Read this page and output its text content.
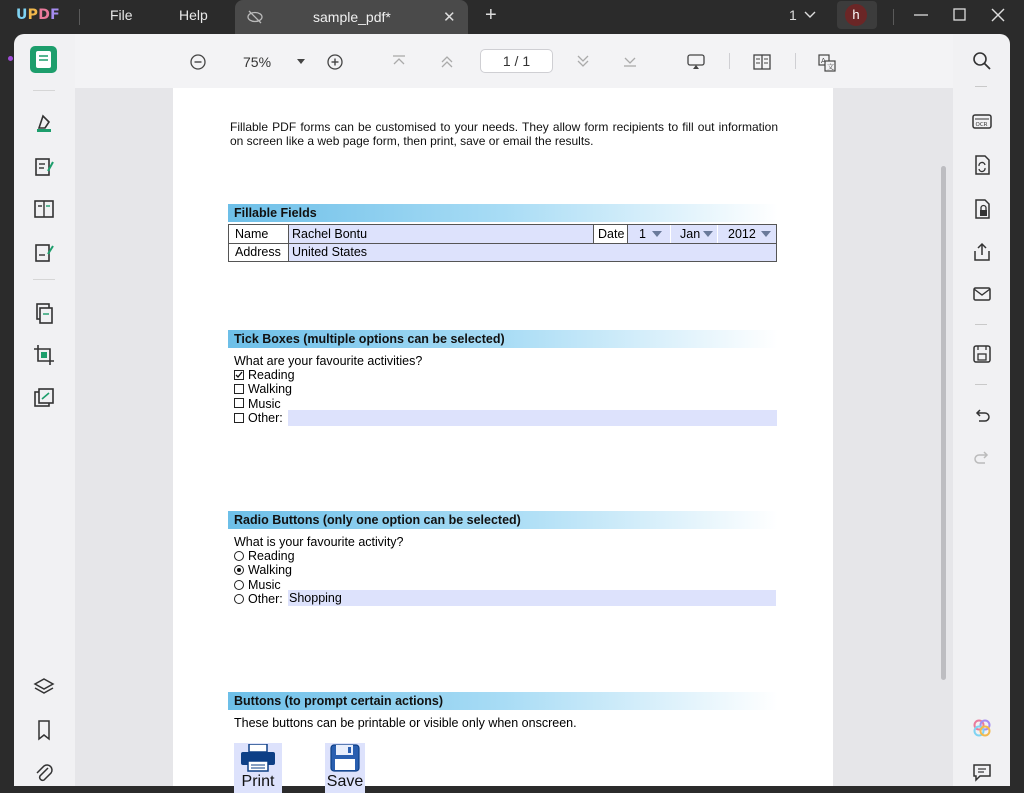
UPDF	File	Help	sample_pdf*	✕ +	1	h
75%	1 / 1	A
文
Fillable PDF forms can be customised to your needs. They allow form recipients to fill out information on screen like a web page form, then print, save or email the results.
Fillable Fields
Name Rachel Bontu	Date	1	Jan	2012
Address United States
Tick Boxes (multiple options can be selected)
What are your favourite activities?
Reading
Walking
Music
Other:
Radio Buttons (only one option can be selected)
What is your favourite activity?
Reading
Walking
Music
Other: Shopping
Buttons (to prompt certain actions)
These buttons can be printable or visible only when onscreen.
Print	Save
OCR
